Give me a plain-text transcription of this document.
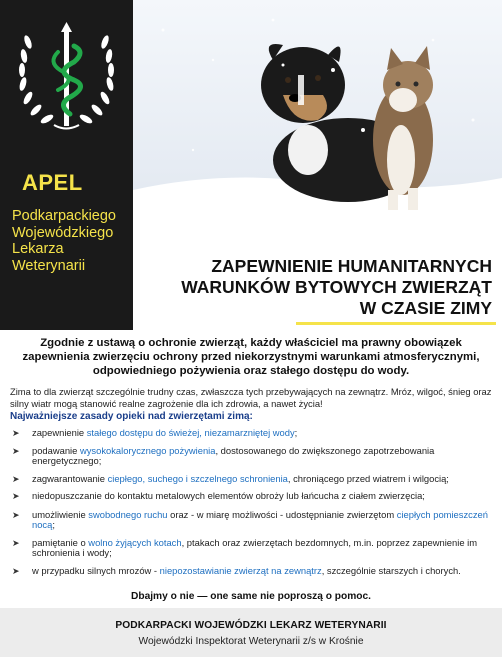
APEL
Podkarpackiego
Wojewódzkiego
Lekarza
Weterynarii	ZAPEWNIENIE HUMANITARNYCH
WARUNKÓW BYTOWYCH ZWIERZĄT
W CZASIE ZIMY
Zgodnie z ustawą o ochronie zwierząt, każdy właściciel ma prawny obowiązek zapewnienia zwierzęciu ochrony przed niekorzystnymi warunkami atmosferycznymi, odpowiedniego pożywienia oraz stałego dostępu do wody.
Zima to dla zwierząt szczególnie trudny czas, zwłaszcza tych przebywających na zewnątrz. Mróz, wilgoć, śnieg oraz silny wiatr mogą stanowić realne zagrożenie dla ich zdrowia, a nawet życia!
Najważniejsze zasady opieki nad zwierzętami zimą:
➤ zapewnienie stałego dostępu do świeżej, niezamarzniętej wody;
➤ podawanie wysokokalorycznego pożywienia, dostosowanego do zwiększonego zapotrzebowania energetycznego;
➤ zagwarantowanie ciepłego, suchego i szczelnego schronienia, chroniącego przed wiatrem i wilgocią;
➤ niedopuszczanie do kontaktu metalowych elementów obroży lub łańcucha z ciałem zwierzęcia;
➤ umożliwienie swobodnego ruchu oraz - w miarę możliwości - udostępnianie zwierzętom ciepłych pomieszczeń nocą;
➤ pamiętanie o wolno żyjących kotach, ptakach oraz zwierzętach bezdomnych, m.in. poprzez zapewnienie im schronienia i wody;
➤ w przypadku silnych mrozów - niepozostawianie zwierząt na zewnątrz, szczególnie starszych i chorych.
Dbajmy o nie — one same nie poproszą o pomoc.
PODKARPACKI WOJEWÓDZKI LEKARZ WETERYNARII
Wojewódzki Inspektorat Weterynarii z/s w Krośnie
